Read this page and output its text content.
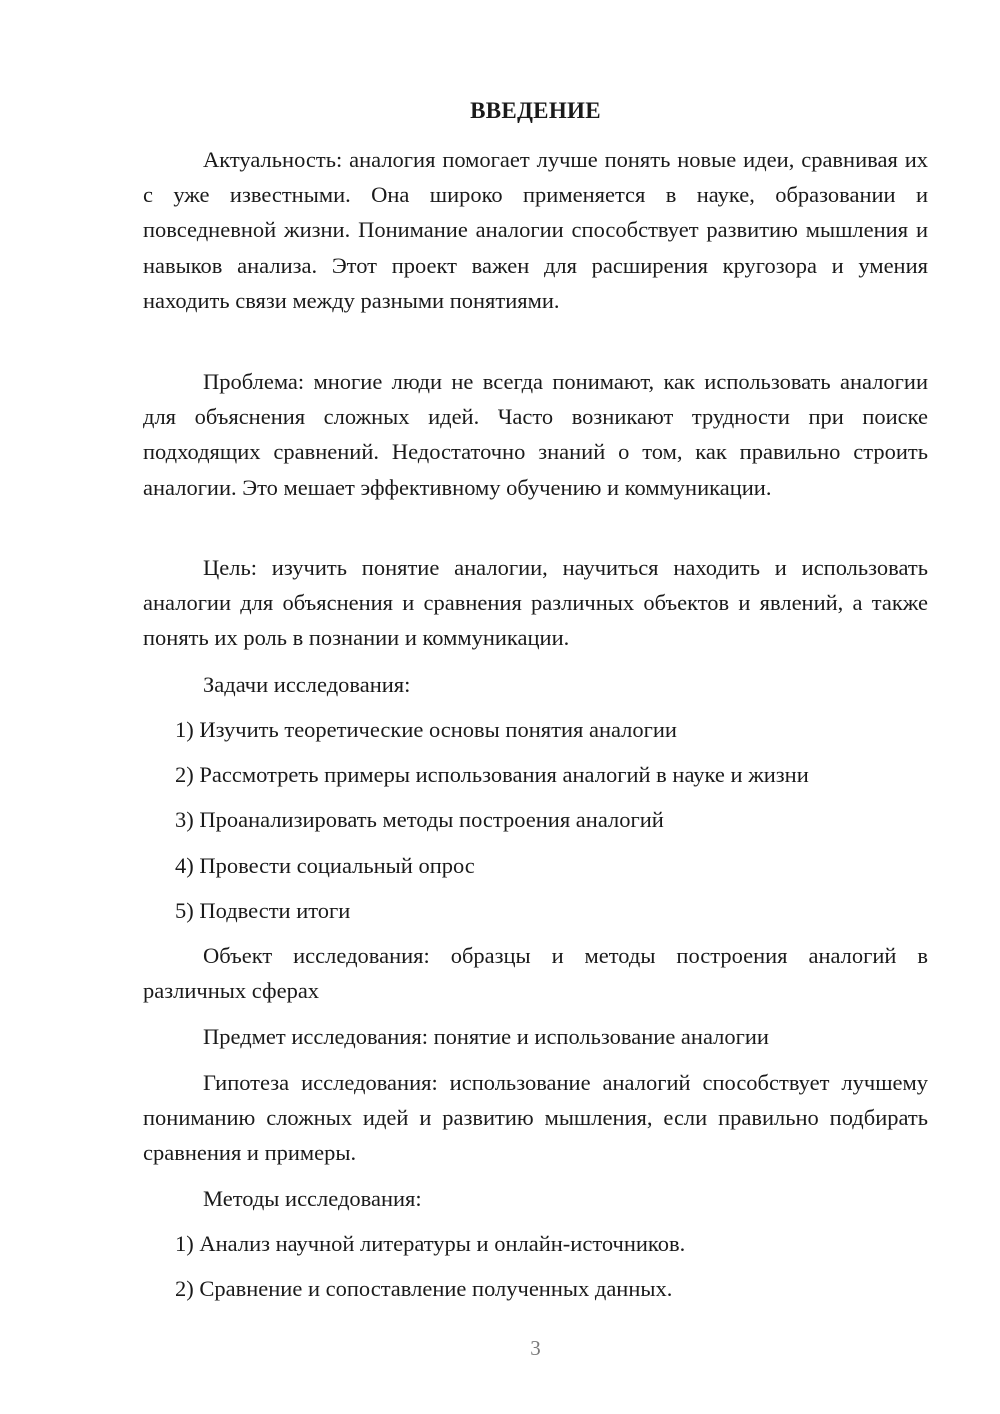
ВВЕДЕНИЕ

Актуальность: аналогия помогает лучше понять новые идеи, сравнивая их с уже известными. Она широко применяется в науке, образовании и повседневной жизни. Понимание аналогии способствует развитию мышления и навыков анализа. Этот проект важен для расширения кругозора и умения находить связи между разными понятиями.

Проблема: многие люди не всегда понимают, как использовать аналогии для объяснения сложных идей. Часто возникают трудности при поиске подходящих сравнений. Недостаточно знаний о том, как правильно строить аналогии. Это мешает эффективному обучению и коммуникации.

Цель: изучить понятие аналогии, научиться находить и использовать аналогии для объяснения и сравнения различных объектов и явлений, а также понять их роль в познании и коммуникации.

Задачи исследования:
1) Изучить теоретические основы понятия аналогии
2) Рассмотреть примеры использования аналогий в науке и жизни
3) Проанализировать методы построения аналогий
4) Провести социальный опрос
5) Подвести итоги

Объект исследования: образцы и методы построения аналогий в различных сферах

Предмет исследования: понятие и использование аналогии

Гипотеза исследования: использование аналогий способствует лучшему пониманию сложных идей и развитию мышления, если правильно подбирать сравнения и примеры.

Методы исследования:
1) Анализ научной литературы и онлайн-источников.
2) Сравнение и сопоставление полученных данных.
3
